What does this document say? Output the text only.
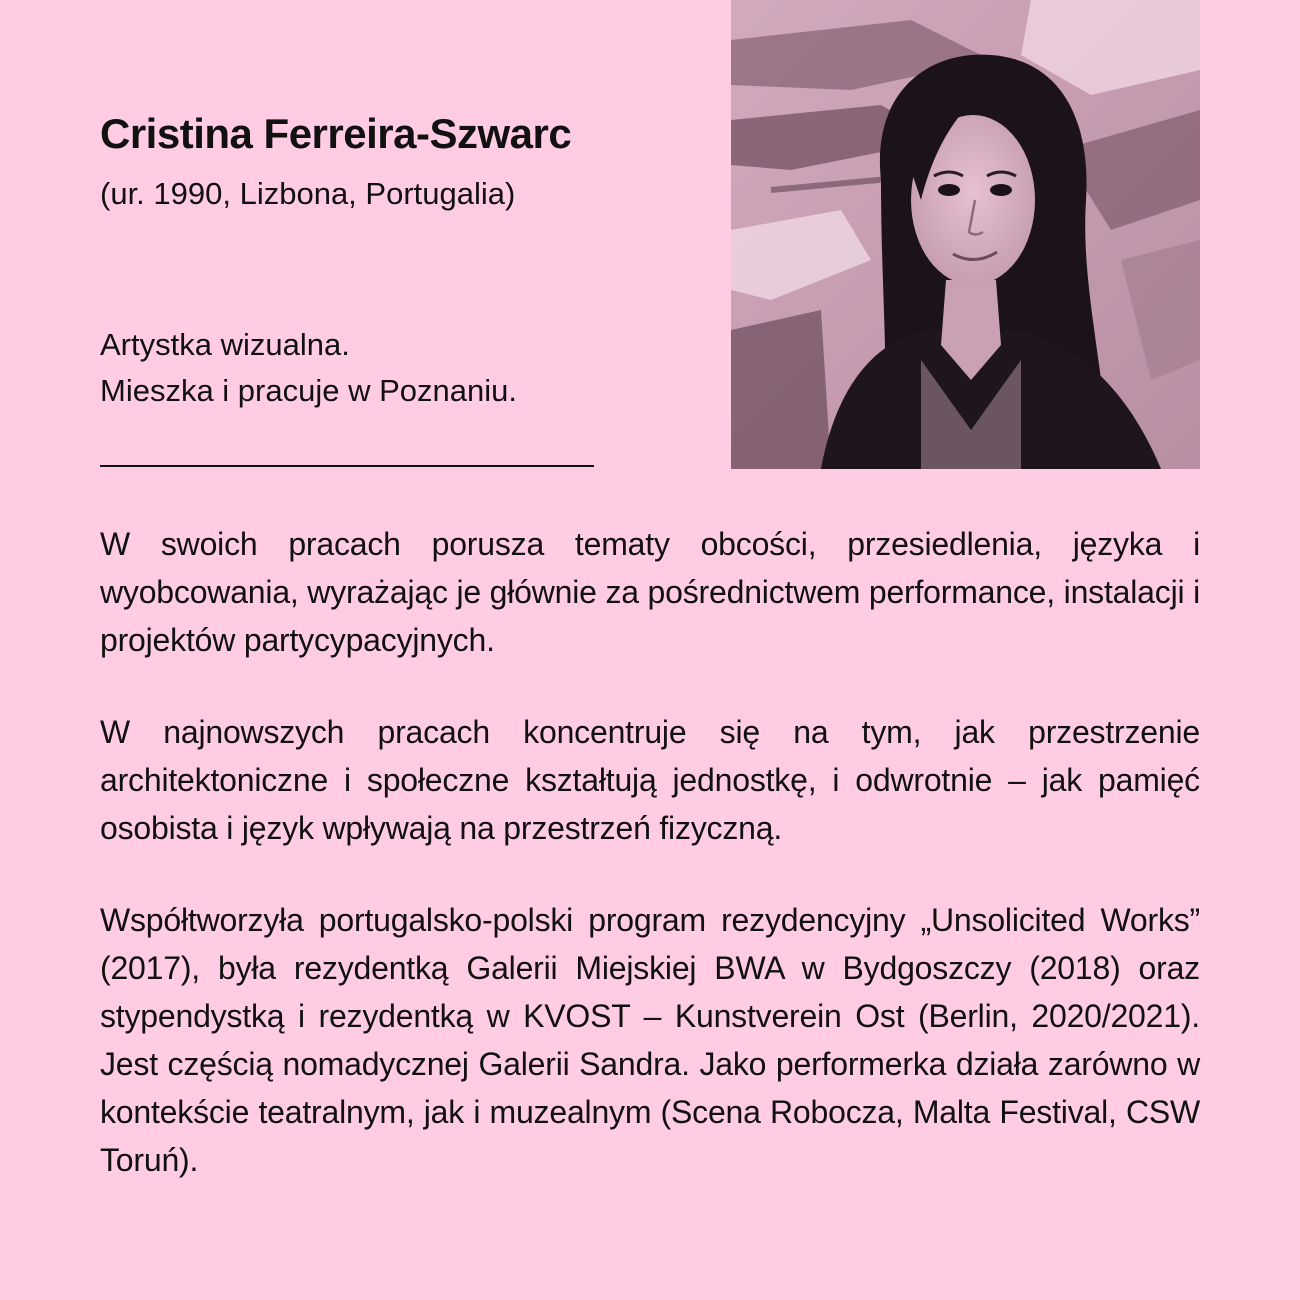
Cristina Ferreira-Szwarc

(ur. 1990, Lizbona, Portugalia)

Artystka wizualna.
Mieszka i pracuje w Poznaniu.

W swoich pracach porusza tematy obcości, przesiedlenia, języka i wyobcowania, wyrażając je głównie za pośrednictwem performance, instalacji i projektów partycypacyjnych.

W najnowszych pracach koncentruje się na tym, jak przestrzenie architektoniczne i społeczne kształtują jednostkę, i odwrotnie – jak pamięć osobista i język wpływają na przestrzeń fizyczną.

Współtworzyła portugalsko-polski program rezydencyjny „Unsolicited Works” (2017), była rezydentką Galerii Miejskiej BWA w Bydgoszczy (2018) oraz stypendystką i rezydentką w KVOST – Kunstverein Ost (Berlin, 2020/2021). Jest częścią nomadycznej Galerii Sandra. Jako performerka działa zarówno w kontekście teatralnym, jak i muzealnym (Scena Robocza, Malta Festival, CSW Toruń).
